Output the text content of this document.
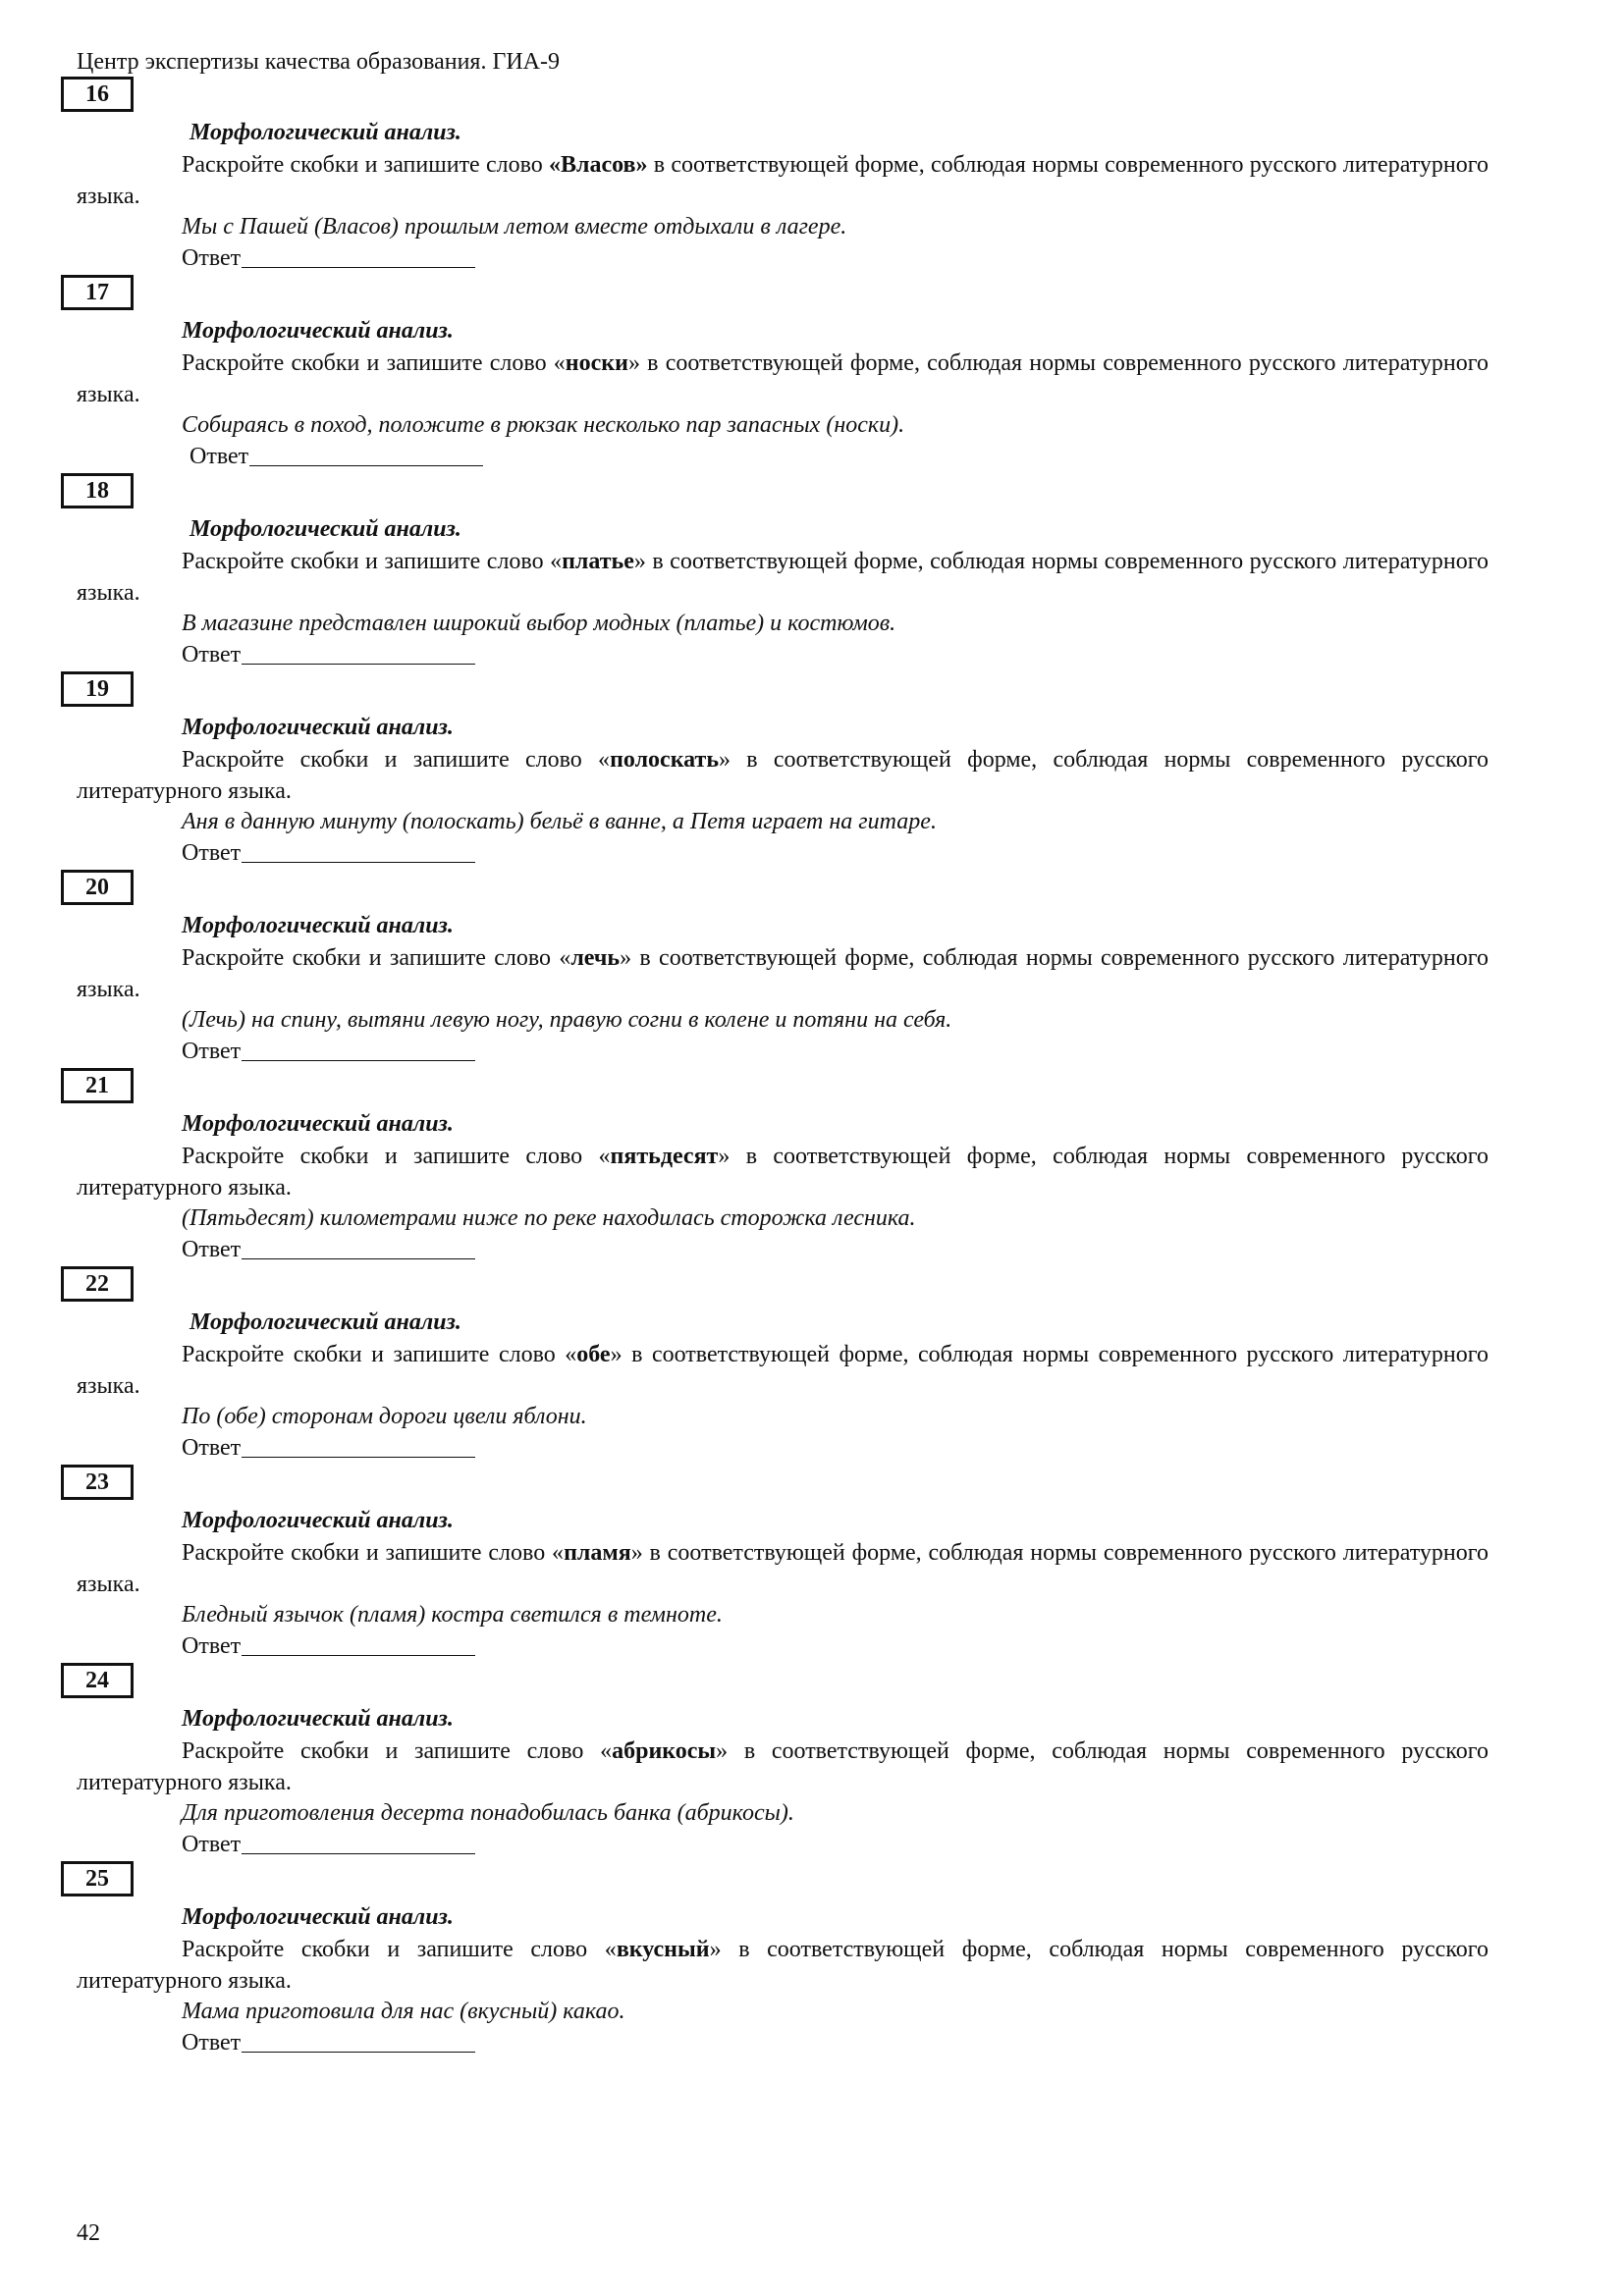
Центр экспертизы качества образования. ГИА-9
16
Морфологический анализ.
Раскройте скобки и запишите слово «Власов» в соответствующей форме, соблюдая нормы современного русского литературного языка.
Мы с Пашей (Власов) прошлым летом вместе отдыхали в лагере.
Ответ
17
Морфологический анализ.
Раскройте скобки и запишите слово «носки» в соответствующей форме, соблюдая нормы современного русского литературного языка.
Собираясь в поход, положите в рюкзак несколько пар запасных (носки).
Ответ
18
Морфологический анализ.
Раскройте скобки и запишите слово «платье» в соответствующей форме, соблюдая нормы современного русского литературного языка.
В магазине представлен широкий выбор модных (платье) и костюмов.
Ответ
19
Морфологический анализ.
Раскройте скобки и запишите слово «полоскать» в соответствующей форме, соблюдая нормы современного русского литературного языка.
Аня в данную минуту (полоскать) бельё в ванне, а Петя играет на гитаре.
Ответ
20
Морфологический анализ.
Раскройте скобки и запишите слово «лечь» в соответствующей форме, соблюдая нормы современного русского литературного языка.
(Лечь) на спину, вытяни левую ногу, правую согни в колене и потяни на себя.
Ответ
21
Морфологический анализ.
Раскройте скобки и запишите слово «пятьдесят» в соответствующей форме, соблюдая нормы современного русского литературного языка.
(Пятьдесят) километрами ниже по реке находилась сторожка лесника.
Ответ
22
Морфологический анализ.
Раскройте скобки и запишите слово «обе» в соответствующей форме, соблюдая нормы современного русского литературного языка.
По (обе) сторонам дороги цвели яблони.
Ответ
23
Морфологический анализ.
Раскройте скобки и запишите слово «пламя» в соответствующей форме, соблюдая нормы современного русского литературного языка.
Бледный язычок (пламя) костра светился в темноте.
Ответ
24
Морфологический анализ.
Раскройте скобки и запишите слово «абрикосы» в соответствующей форме, соблюдая нормы современного русского литературного языка.
Для приготовления десерта понадобилась банка (абрикосы).
Ответ
25
Морфологический анализ.
Раскройте скобки и запишите слово «вкусный» в соответствующей форме, соблюдая нормы современного русского литературного языка.
Мама приготовила для нас (вкусный) какао.
Ответ
42
